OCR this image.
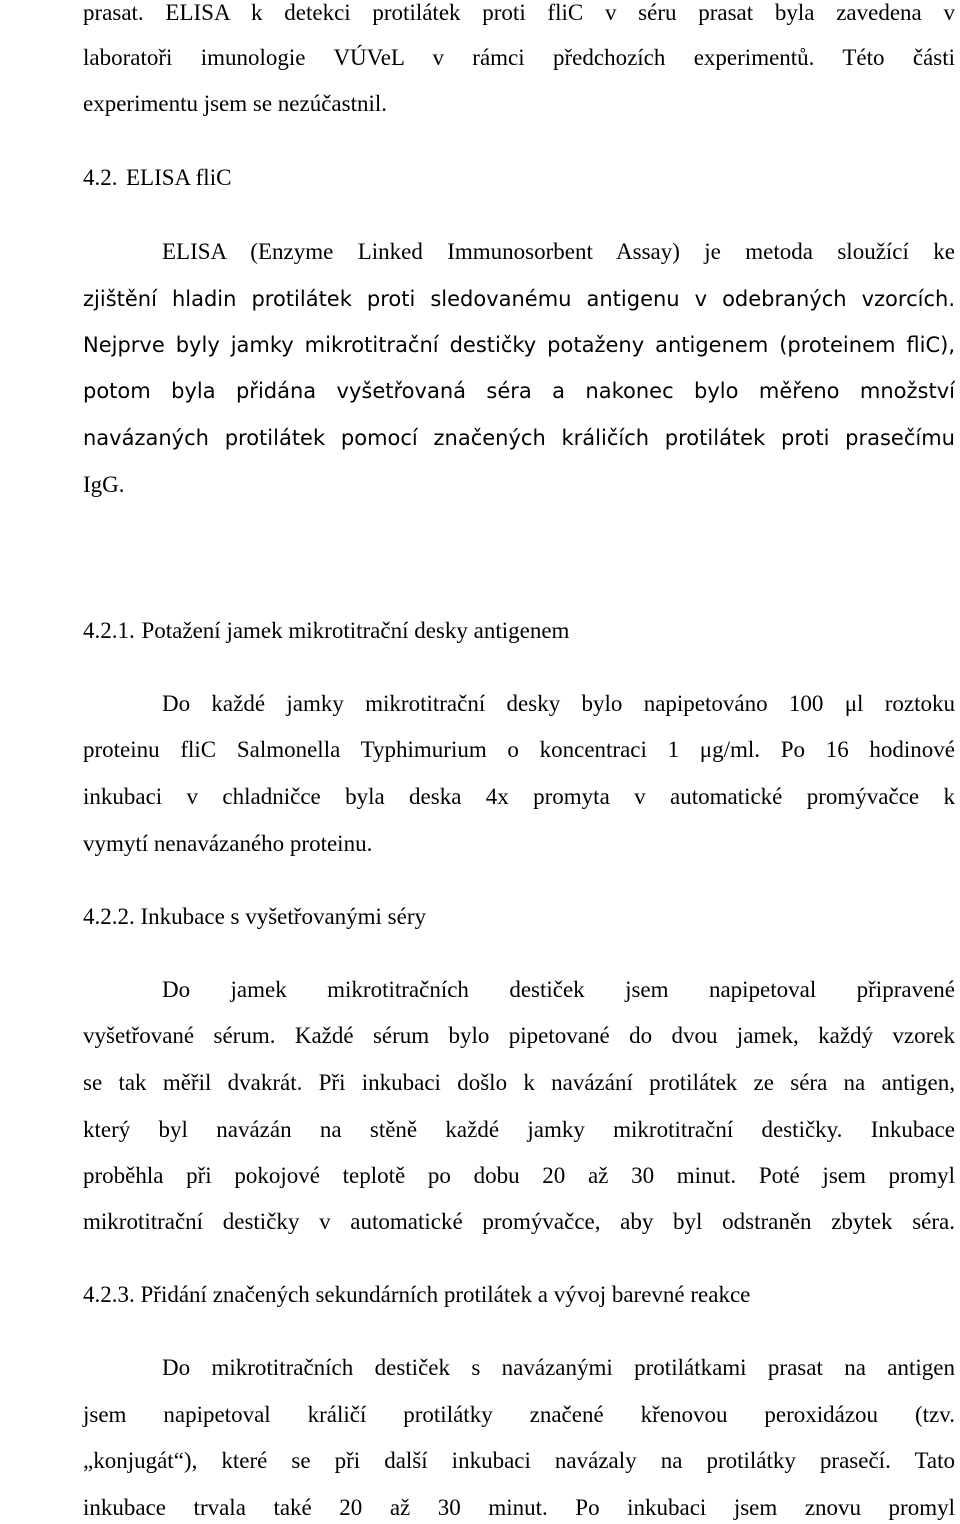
prasat. ELISA k detekci protilátek proti fliC v séru prasat byla zavedena v
laboratoři imunologie VÚVeL v rámci předchozích experimentů. Této části
experimentu jsem se nezúčastnil.
4.2. ELISA fliC
ELISA (Enzyme Linked Immunosorbent Assay) je metoda sloužící ke
zjištění hladin protilátek proti sledovanému antigenu v odebraných vzorcích.
Nejprve byly jamky mikrotitrační destičky potaženy antigenem (proteinem fliC),
potom byla přidána vyšetřovaná séra a nakonec bylo měřeno množství
navázaných protilátek pomocí značených králičích protilátek proti prasečímu
IgG.
4.2.1. Potažení jamek mikrotitrační desky antigenem
Do každé jamky mikrotitrační desky bylo napipetováno 100 μl roztoku
proteinu fliC Salmonella Typhimurium o koncentraci 1 μg/ml. Po 16 hodinové
inkubaci v chladničce byla deska 4x promyta v automatické promývačce k
vymytí nenavázaného proteinu.
4.2.2. Inkubace s vyšetřovanými séry
Do jamek mikrotitračních destiček jsem napipetoval připravené
vyšetřované sérum. Každé sérum bylo pipetované do dvou jamek, každý vzorek
se tak měřil dvakrát. Při inkubaci došlo k navázání protilátek ze séra na antigen,
který byl navázán na stěně každé jamky mikrotitrační destičky. Inkubace
proběhla při pokojové teplotě po dobu 20 až 30 minut. Poté jsem promyl
mikrotitrační destičky v automatické promývačce, aby byl odstraněn zbytek séra.
4.2.3. Přidání značených sekundárních protilátek a vývoj barevné reakce
Do mikrotitračních destiček s navázanými protilátkami prasat na antigen
jsem napipetoval králičí protilátky značené křenovou peroxidázou (tzv.
„konjugát“), které se při další inkubaci navázaly na protilátky prasečí. Tato
inkubace trvala také 20 až 30 minut. Po inkubaci jsem znovu promyl
